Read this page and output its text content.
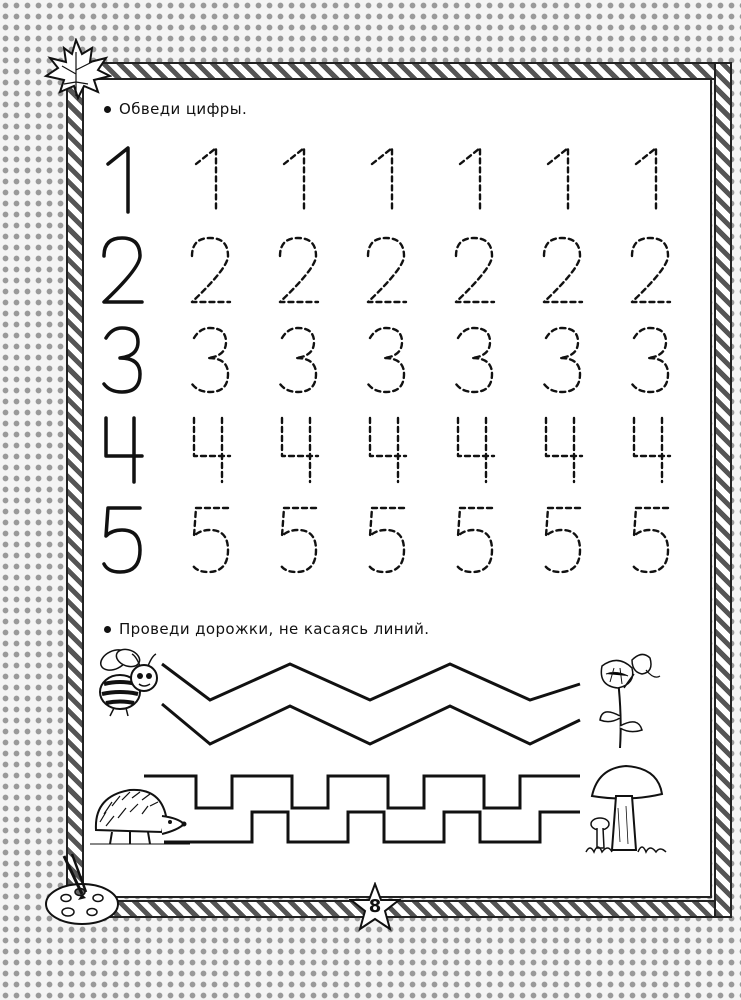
Обведи цифры.
Проведи дорожки, не касаясь линий.
8
